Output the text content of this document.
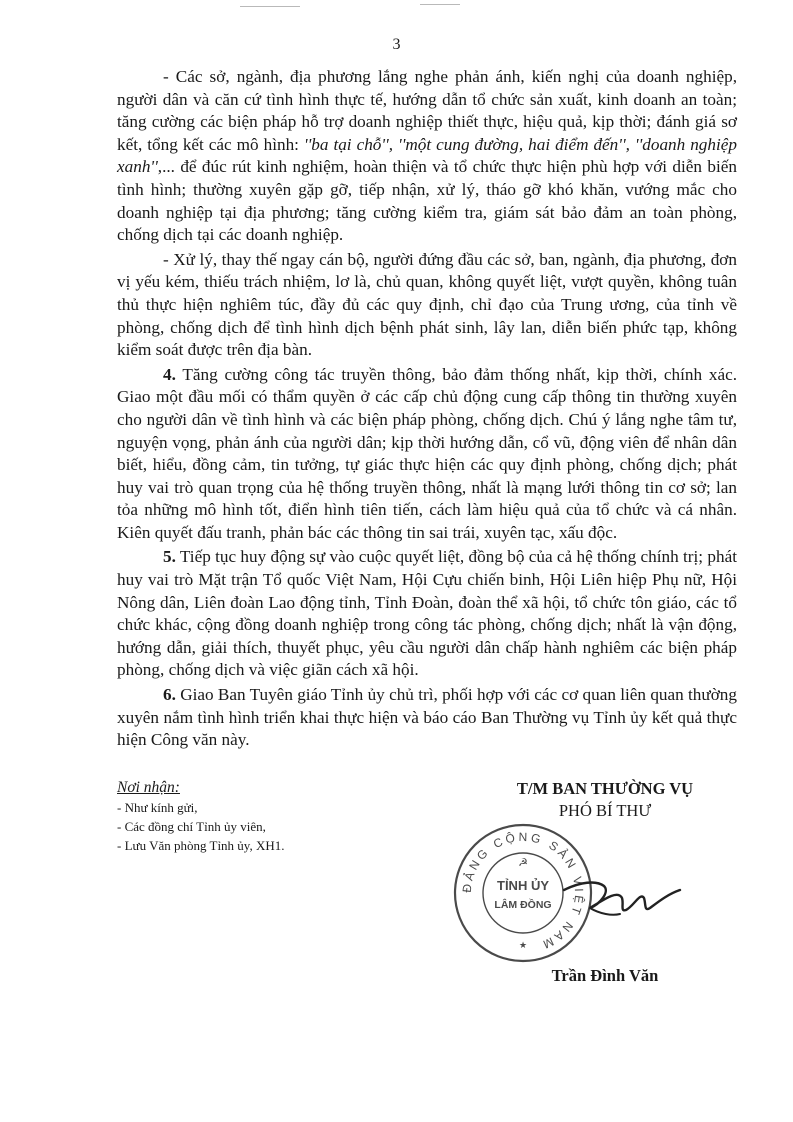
3

- Các sở, ngành, địa phương lắng nghe phản ánh, kiến nghị của doanh nghiệp, người dân và căn cứ tình hình thực tế, hướng dẫn tổ chức sản xuất, kinh doanh an toàn; tăng cường các biện pháp hỗ trợ doanh nghiệp thiết thực, hiệu quả, kịp thời; đánh giá sơ kết, tổng kết các mô hình: ''ba tại chỗ'', ''một cung đường, hai điểm đến'', ''doanh nghiệp xanh'',... để đúc rút kinh nghiệm, hoàn thiện và tổ chức thực hiện phù hợp với diễn biến tình hình; thường xuyên gặp gỡ, tiếp nhận, xử lý, tháo gỡ khó khăn, vướng mắc cho doanh nghiệp tại địa phương; tăng cường kiểm tra, giám sát bảo đảm an toàn phòng, chống dịch tại các doanh nghiệp.

- Xử lý, thay thế ngay cán bộ, người đứng đầu các sở, ban, ngành, địa phương, đơn vị yếu kém, thiếu trách nhiệm, lơ là, chủ quan, không quyết liệt, vượt quyền, không tuân thủ thực hiện nghiêm túc, đầy đủ các quy định, chỉ đạo của Trung ương, của tỉnh về phòng, chống dịch để tình hình dịch bệnh phát sinh, lây lan, diễn biến phức tạp, không kiểm soát được trên địa bàn.

4. Tăng cường công tác truyền thông, bảo đảm thống nhất, kịp thời, chính xác. Giao một đầu mối có thẩm quyền ở các cấp chủ động cung cấp thông tin thường xuyên cho người dân về tình hình và các biện pháp phòng, chống dịch. Chú ý lắng nghe tâm tư, nguyện vọng, phản ánh của người dân; kịp thời hướng dẫn, cổ vũ, động viên để nhân dân biết, hiểu, đồng cảm, tin tưởng, tự giác thực hiện các quy định phòng, chống dịch; phát huy vai trò quan trọng của hệ thống truyền thông, nhất là mạng lưới thông tin cơ sở; lan tỏa những mô hình tốt, điển hình tiên tiến, cách làm hiệu quả của tổ chức và cá nhân. Kiên quyết đấu tranh, phản bác các thông tin sai trái, xuyên tạc, xấu độc.

5. Tiếp tục huy động sự vào cuộc quyết liệt, đồng bộ của cả hệ thống chính trị; phát huy vai trò Mặt trận Tổ quốc Việt Nam, Hội Cựu chiến binh, Hội Liên hiệp Phụ nữ, Hội Nông dân, Liên đoàn Lao động tỉnh, Tỉnh Đoàn, đoàn thể xã hội, tổ chức tôn giáo, các tổ chức khác, cộng đồng doanh nghiệp trong công tác phòng, chống dịch; nhất là vận động, hướng dẫn, giải thích, thuyết phục, yêu cầu người dân chấp hành nghiêm các biện pháp phòng, chống dịch và việc giãn cách xã hội.

6. Giao Ban Tuyên giáo Tỉnh ủy chủ trì, phối hợp với các cơ quan liên quan thường xuyên nắm tình hình triển khai thực hiện và báo cáo Ban Thường vụ Tỉnh ủy kết quả thực hiện Công văn này.

Nơi nhận:
- Như kính gửi,
- Các đồng chí Tỉnh ủy viên,
- Lưu Văn phòng Tỉnh ủy, XH1.
T/M BAN THƯỜNG VỤ
PHÓ BÍ THƯ
ĐẢNG CỘNG SẢN VIỆT NAM
TỈNH ỦY
LÂM ĐỒNG
☭
★
Trần Đình Văn
